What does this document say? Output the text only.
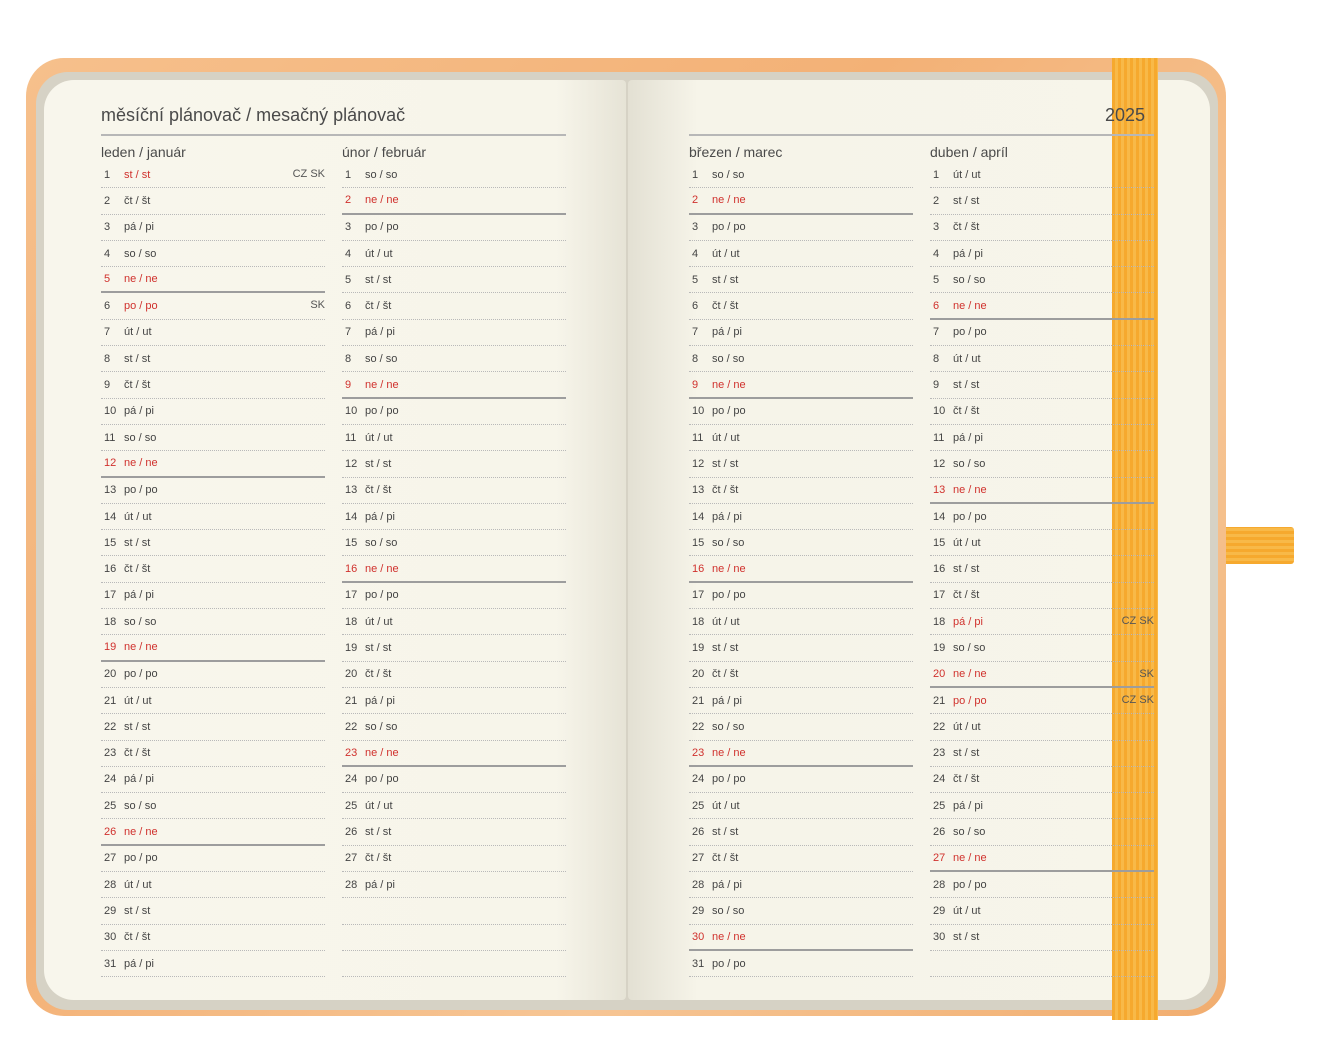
měsíční plánovač / mesačný plánovač	2025
leden / január
1	st / st	CZ SK
2	čt / št
3	pá / pi
4	so / so
5	ne / ne
6	po / po	SK
7	út / ut
8	st / st
9	čt / št
10 pá / pi
11 so / so
12 ne / ne
13 po / po
14 út / ut
15 st / st
16 čt / št
17 pá / pi
18 so / so
19 ne / ne
20 po / po
21 út / ut
22 st / st
23 čt / št
24 pá / pi
25 so / so
26 ne / ne
27 po / po
28 út / ut
29 st / st
30 čt / št
31 pá / pi
únor / február
1	so / so
2	ne / ne
3	po / po
4	út / ut
5	st / st
6	čt / št
7	pá / pi
8	so / so
9	ne / ne
10 po / po
11 út / ut
12 st / st
13 čt / št
14 pá / pi
15 so / so
16 ne / ne
17 po / po
18 út / ut
19 st / st
20 čt / št
21 pá / pi
22 so / so
23 ne / ne
24 po / po
25 út / ut
26 st / st
27 čt / št
28 pá / pi
březen / marec
1	so / so
2	ne / ne
3	po / po
4	út / ut
5	st / st
6	čt / št
7	pá / pi
8	so / so
9	ne / ne
10 po / po
11 út / ut
12 st / st
13 čt / št
14 pá / pi
15 so / so
16 ne / ne
17 po / po
18 út / ut
19 st / st
20 čt / št
21 pá / pi
22 so / so
23 ne / ne
24 po / po
25 út / ut
26 st / st
27 čt / št
28 pá / pi
29 so / so
30 ne / ne
31 po / po
duben / apríl
1	út / ut
2	st / st
3	čt / št
4	pá / pi
5	so / so
6	ne / ne
7	po / po
8	út / ut
9	st / st
10 čt / št
11 pá / pi
12 so / so
13 ne / ne
14 po / po
15 út / ut
16 st / st
17 čt / št
18 pá / pi	CZ SK
19 so / so
20 ne / ne	SK
21 po / po	CZ SK
22 út / ut
23 st / st
24 čt / št
25 pá / pi
26 so / so
27 ne / ne
28 po / po
29 út / ut
30 st / st
